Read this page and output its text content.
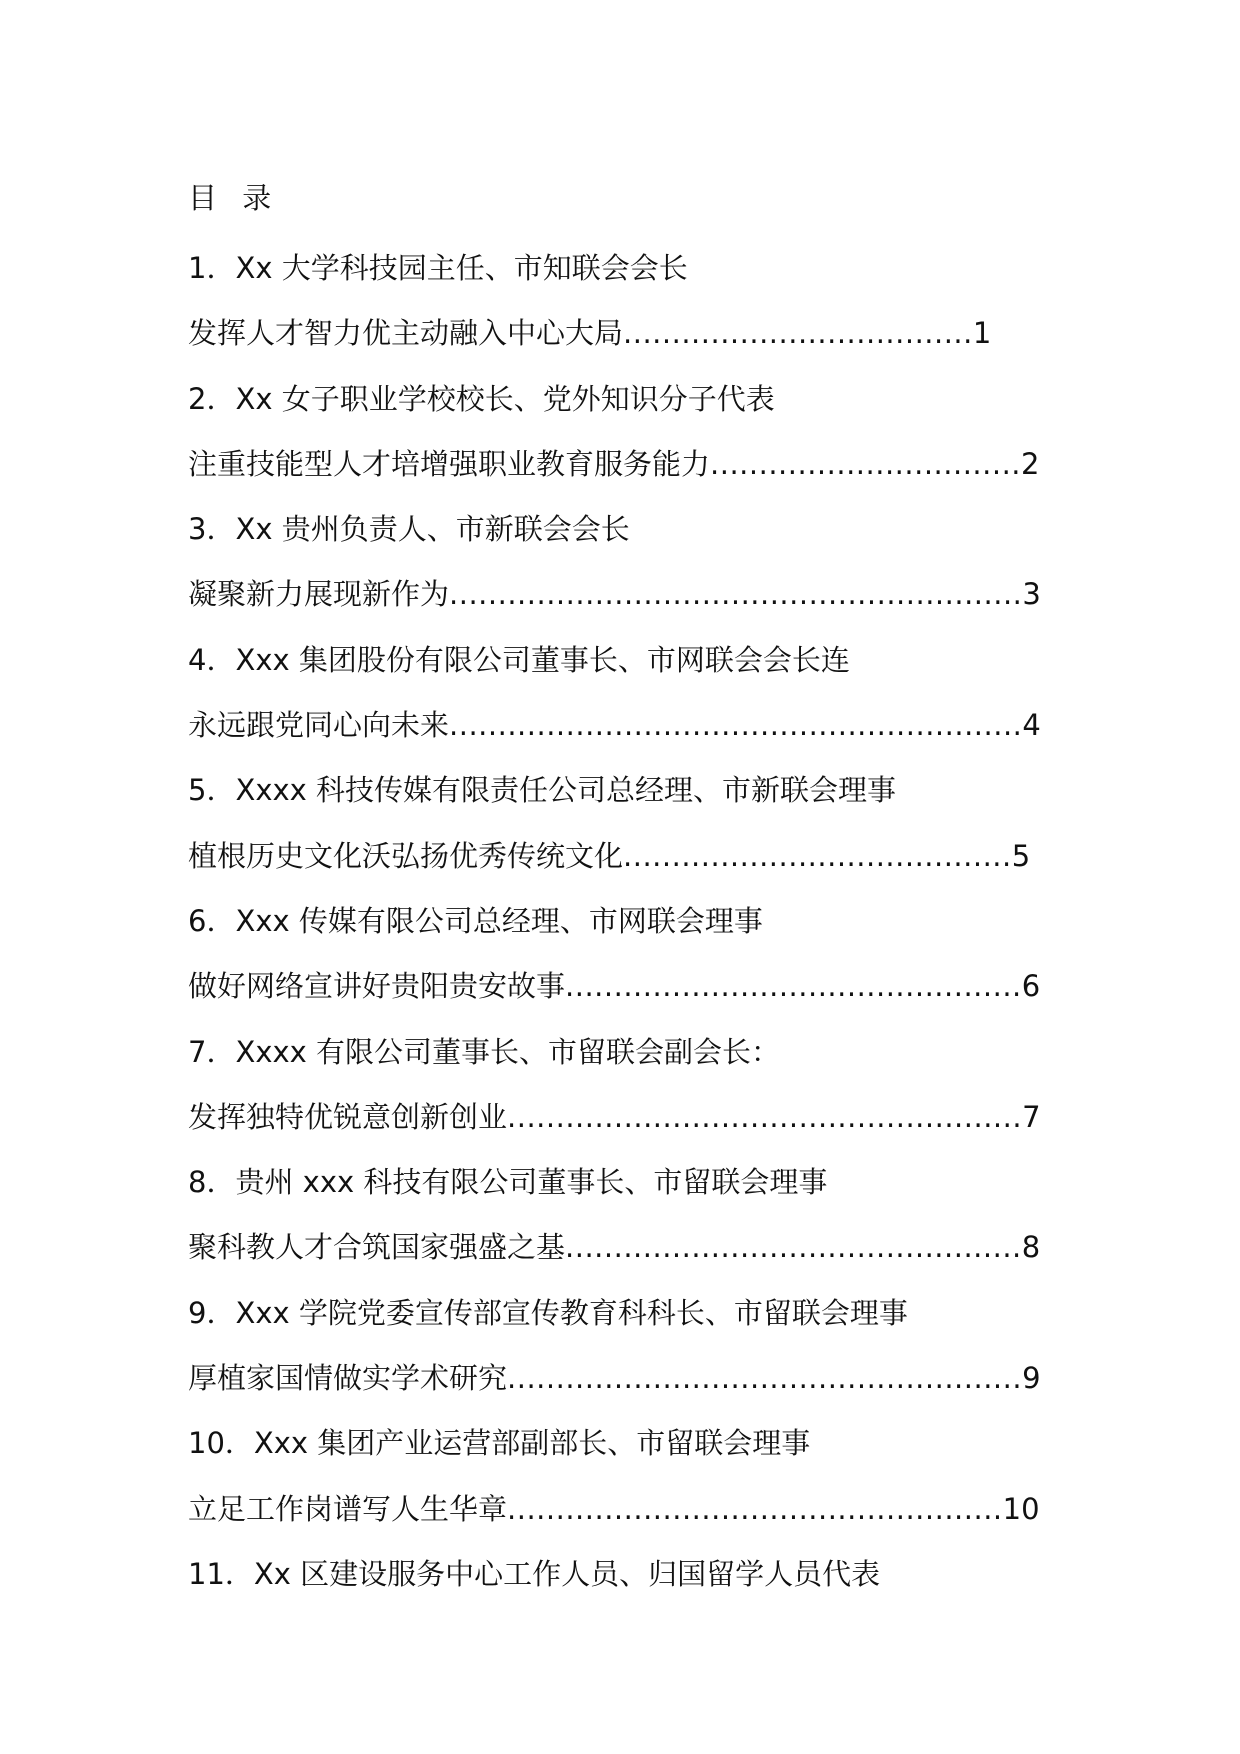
目 录
1．Xx 大学科技园主任、市知联会会长
发挥人才智力优主动融入中心大局....................................1
2．Xx 女子职业学校校长、党外知识分子代表
注重技能型人才培增强职业教育服务能力................................2
3．Xx 贵州负责人、市新联会会长
凝聚新力展现新作为...........................................................3
4．Xxx 集团股份有限公司董事长、市网联会会长连
永远跟党同心向未来...........................................................4
5．Xxxx 科技传媒有限责任公司总经理、市新联会理事
植根历史文化沃弘扬优秀传统文化........................................5
6．Xxx 传媒有限公司总经理、市网联会理事
做好网络宣讲好贵阳贵安故事...............................................6
7．Xxxx 有限公司董事长、市留联会副会长：
发挥独特优锐意创新创业.....................................................7
8．贵州 xxx 科技有限公司董事长、市留联会理事
聚科教人才合筑国家强盛之基...............................................8
9．Xxx 学院党委宣传部宣传教育科科长、市留联会理事
厚植家国情做实学术研究.....................................................9
10．Xxx 集团产业运营部副部长、市留联会理事
立足工作岗谱写人生华章...................................................10
11．Xx 区建设服务中心工作人员、归国留学人员代表
